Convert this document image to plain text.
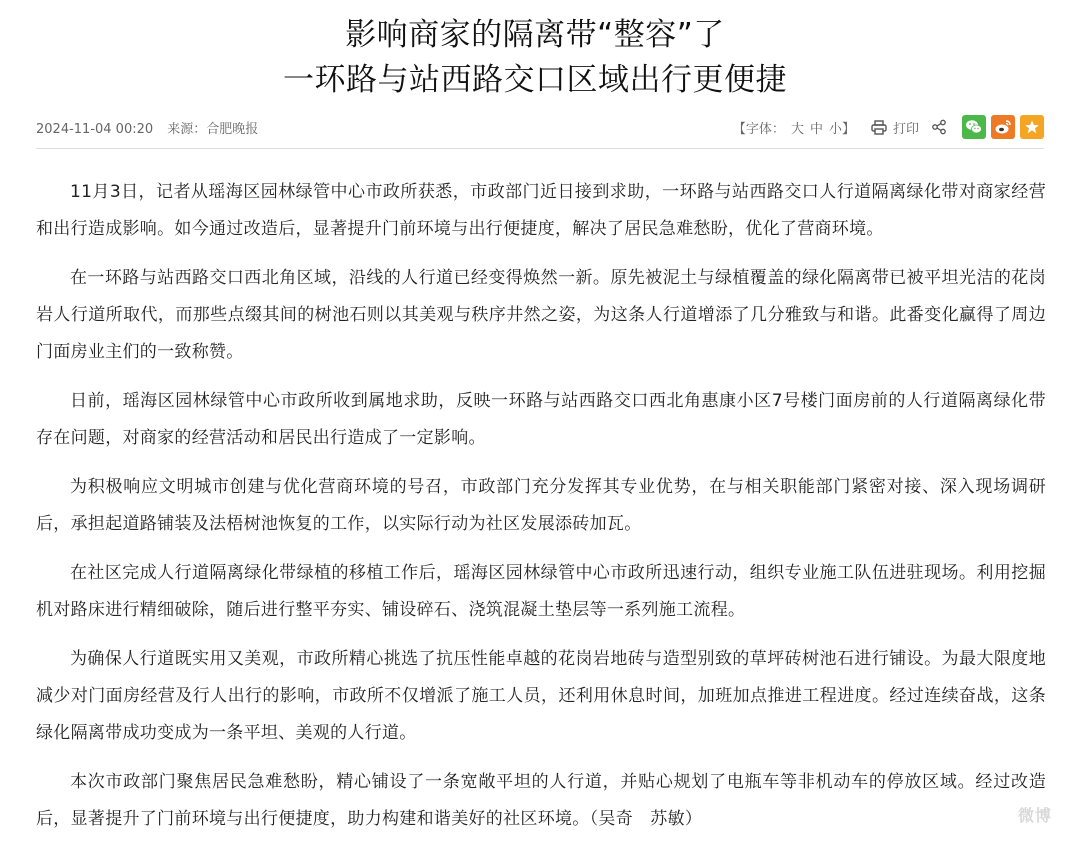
影响商家的隔离带“整容”了
一环路与站西路交口区域出行更便捷
2024-11-04 00:20 来源：合肥晚报	【字体： 大 中 小】	打印

11月3日，记者从瑶海区园林绿管中心市政所获悉，市政部门近日接到求助，一环路与站西路交口人行道隔离绿化带对商家经营和出行造成影响。如今通过改造后，显著提升门前环境与出行便捷度，解决了居民急难愁盼，优化了营商环境。

在一环路与站西路交口西北角区域，沿线的人行道已经变得焕然一新。原先被泥土与绿植覆盖的绿化隔离带已被平坦光洁的花岗岩人行道所取代，而那些点缀其间的树池石则以其美观与秩序井然之姿，为这条人行道增添了几分雅致与和谐。此番变化赢得了周边门面房业主们的一致称赞。

日前，瑶海区园林绿管中心市政所收到属地求助，反映一环路与站西路交口西北角惠康小区7号楼门面房前的人行道隔离绿化带存在问题，对商家的经营活动和居民出行造成了一定影响。

为积极响应文明城市创建与优化营商环境的号召，市政部门充分发挥其专业优势，在与相关职能部门紧密对接、深入现场调研后，承担起道路铺装及法梧树池恢复的工作，以实际行动为社区发展添砖加瓦。

在社区完成人行道隔离绿化带绿植的移植工作后，瑶海区园林绿管中心市政所迅速行动，组织专业施工队伍进驻现场。利用挖掘机对路床进行精细破除，随后进行整平夯实、铺设碎石、浇筑混凝土垫层等一系列施工流程。

为确保人行道既实用又美观，市政所精心挑选了抗压性能卓越的花岗岩地砖与造型别致的草坪砖树池石进行铺设。为最大限度地减少对门面房经营及行人出行的影响，市政所不仅增派了施工人员，还利用休息时间，加班加点推进工程进度。经过连续奋战，这条绿化隔离带成功变成为一条平坦、美观的人行道。

本次市政部门聚焦居民急难愁盼，精心铺设了一条宽敞平坦的人行道，并贴心规划了电瓶车等非机动车的停放区域。经过改造后，显著提升了门前环境与出行便捷度，助力构建和谐美好的社区环境。（吴奇　苏敏）	微博
